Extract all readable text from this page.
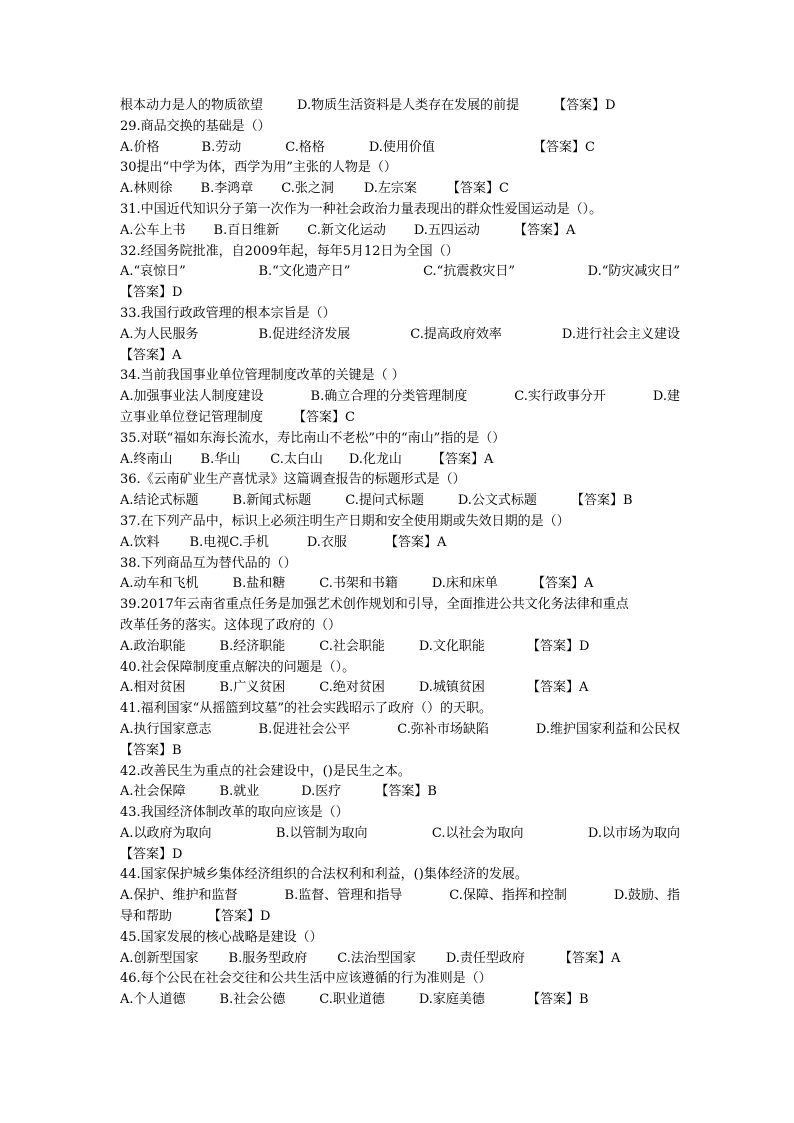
根本动力是人的物质欲望	D.物质生活资料是人类存在发展的前提	【答案】D
29.商品交换的基础是（）
A.价格	B.劳动	C.格格	D.使用价值	【答案】C
30提出“中学为体，西学为用”主张的人物是（）
A.林则徐 B.李鸿章 C.张之洞 D.左宗案 【答案】C
31.中国近代知识分子第一次作为一种社会政治力量表现出的群众性爱国运动是（）。
A.公车上书 B.百日维新 C.新文化运动 D.五四运动	【答案】A
32.经国务院批准，自2009年起，每年5月12日为全国（）
A.“哀惊日”	B.“文化遗产日”	C.“抗震救灾日”	D.“防灾减灾日”
【答案】D
33.我国行政政管理的根本宗旨是（）
A.为人民服务	B.促进经济发展	C.提高政府效率	D.进行社会主义建设
【答案】A
34.当前我国事业单位管理制度改革的关键是（ ）
A.加强事业法人制度建设	B.确立合理的分类管理制度	C.实行政事分开	D.建
立事业单位登记管理制度 【答案】C
35.对联“福如东海长流水，寿比南山不老松”中的“南山”指的是（）
A.终南山 B.华山 C.太白山 D.化龙山 【答案】A
36.《云南矿业生产喜忧录》这篇调查报告的标题形式是（）
A.结论式标题	B.新闻式标题	C.提问式标题	D.公文式标题	【答案】B
37.在下列产品中，标识上必须注明生产日期和安全使用期或失效日期的是（）
A.饮料 B.电视 C.手机	D.衣服	【答案】A
38.下列商品互为替代品的（）
A.动车和飞机	B.盐和糖	C.书架和书籍	D.床和床单	【答案】A
39.2017年云南省重点任务是加强艺术创作规划和引导，全面推进公共文化务法律和重点
改革任务的落实。这体现了政府的（）
A.政治职能	B.经济职能	C.社会职能	D.文化职能	【答案】D
40.社会保障制度重点解决的问题是（）。
A.相对贫困	B.广义贫困	C.绝对贫困	D.城镇贫困	【答案】A
41.福利国家“从摇篮到坟墓”的社会实践昭示了政府（）的天职。
A.执行国家意志	B.促进社会公平	C.弥补市场缺陷	D.维护国家利益和公民权
【答案】B
42.改善民生为重点的社会建设中，()是民生之本。
A.社会保障	B.就业	D.医疗	【答案】B
43.我国经济体制改革的取向应该是（）
A.以政府为取向	B.以管制为取向	C.以社会为取向	D.以市场为取向
【答案】D
44.国家保护城乡集体经济组织的合法权利和利益，()集体经济的发展。
A.保护、维护和监督	B.监督、管理和指导	C.保障、指挥和控制	D.鼓励、指
导和帮助	【答案】D
45.国家发展的核心战略是建设（）
A.创新型国家 B.服务型政府 C.法治型国家 D.责任型政府	【答案】A
46.每个公民在社会交往和公共生活中应该遵循的行为准则是（）
A.个人道德	B.社会公德	C.职业道德	D.家庭美德	【答案】B
